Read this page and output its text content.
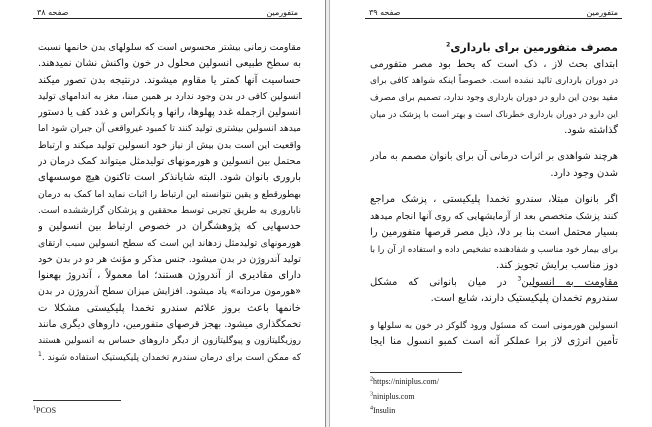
متفورمین
صفحه ۳۸
مقاومت زمانی بیشتر محسوس است که سلولهای بدن خانمها نسبت
به سطح طبیعی انسولین محلول در خون واکنش نشان نمیدهند.
حساسیت آنها کمتر یا مقاوم میشوند. درنتیجه بدن تصور میکند
انسولین کافی در بدن وجود ندارد بر همین مبنا، مغز به اندامهای تولید
انسولین ازجمله غدد پهلوها، رانها و پانکراس و غدد کف یا دستور
میدهد انسولین بیشتری تولید کنند تا کمبود غیرواقعی آن جبران شود اما
واقعیت این است بدن بیش از نیاز خود انسولین تولید میکند و ارتباط
محتمل بین انسولین و هورمونهای تولیدمثل میتواند کمک درمان در
باروری بانوان شود. البته شایانذکر است تاکنون هیچ موسسهای
بهطورقطع و یقین نتوانسته این ارتباط را اثبات نماید اما کمک به درمان
ناباروری به طریق تجربی توسط محققین و پزشکان گزارششده است.
حدسهایی که پژوهشگران در خصوص ارتباط بین انسولین و
هورمونهای تولیدمثل زدهاند این است که سطح انسولین سبب ارتقای
تولید آندروژن در بدن میشود. جنس مذکر و مؤنث هر دو در بدن خود
دارای مقادیری از آندروژن هستند؛ اما معمولاً ، آندروژ بهعنوا
«هورمون مردانه» یاد میشود. افزایش میزان سطح آندروژن در بدن
خانمها باعث بروز علائم سندرو تخمدا پلیکیستی مشکلا ت
تخمکگذاری میشود. بهجز قرصهای متفورمین، داروهای دیگری مانند
روزیگلیتازون و پیوگلیتازون از دیگر داروهای حساس به انسولین هستند
که ممکن است برای درمان سندرم تخمدان پلیکیستیک استفاده شوند .$^1$
$^1$PCOS
متفورمین
صفحه ۳۹
مصرف متفورمین برای بارداری$^2$
ابتدای بحث لاز ، ذک است که یحط بود مصر متفورمی
در دوران بارداری تائید نشده است. خصوصاً اینکه شواهد کافی برای
مفید بودن این دارو در دوران بارداری وجود ندارد، تصمیم برای مصرف
این دارو در دوران بارداری خطرناک است و بهتر است با پزشک در میان
گذاشته شود.
هرچند شواهدی بر اثرات درمانی آن برای بانوان مصمم به مادر
شدن وجود دارد.
اگر بانوان مبتلا، سندرو تخمدا پلیکیستی ، پزشک مراجع
کنند پزشک متخصص بعد از آزمایشهایی که روی آنها انجام میدهد
بسیار محتمل است بنا بر دلا، ذیل مصر قرصها متفورمین را
برای بیمار خود مناسب و شفادهنده تشخیص داده و استفاده از آن را با
دوز مناسب برایش تجویز کند.
مقاومت به انسولین$^3$ در میان بانوانی که مشکل
سندروم تخمدان پلیکیستیک دارند، شایع است.
انسولین هورمونی است که مسئول ورود گلوکز در خون به سلولها و
تأمین انرژی لاز برا عملکر آنه است کمبو انسول منا ایجا
$^2$https://niniplus.com/
$^3$niniplus.com
$^4$Insulin
